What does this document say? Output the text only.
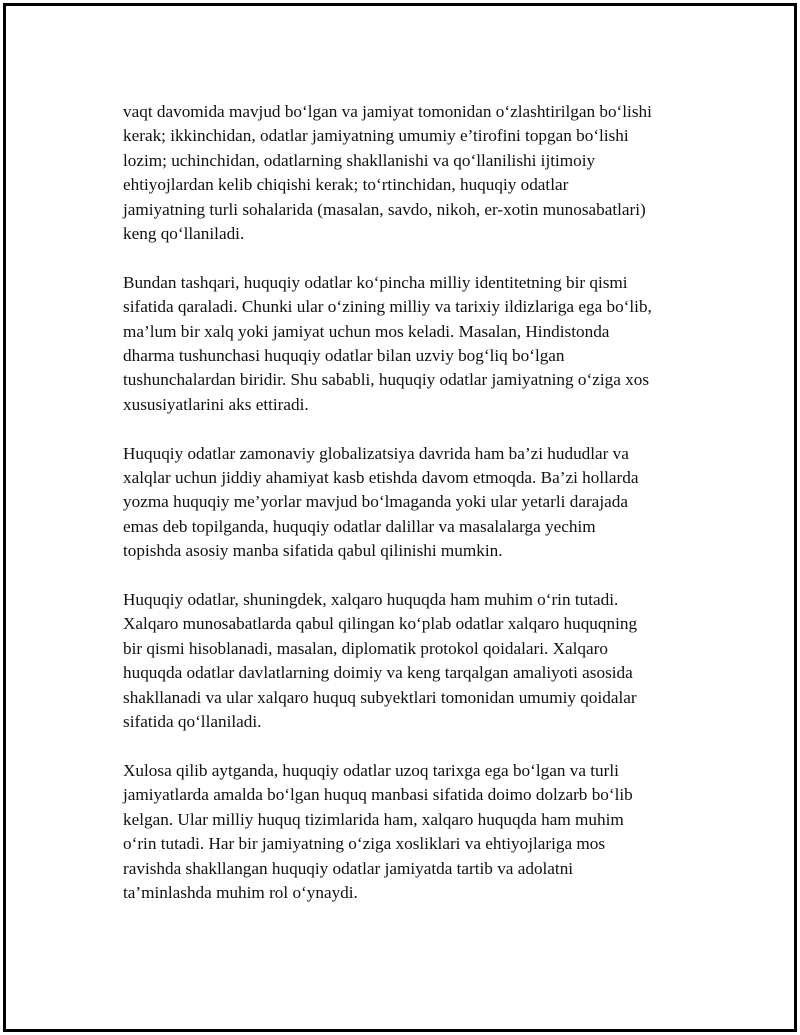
vaqt davomida mavjud bo‘lgan va jamiyat tomonidan o‘zlashtirilgan bo‘lishi
kerak; ikkinchidan, odatlar jamiyatning umumiy e’tirofini topgan bo‘lishi
lozim; uchinchidan, odatlarning shakllanishi va qo‘llanilishi ijtimoiy
ehtiyojlardan kelib chiqishi kerak; to‘rtinchidan, huquqiy odatlar
jamiyatning turli sohalarida (masalan, savdo, nikoh, er-xotin munosabatlari)
keng qo‘llaniladi.

Bundan tashqari, huquqiy odatlar ko‘pincha milliy identitetning bir qismi
sifatida qaraladi. Chunki ular o‘zining milliy va tarixiy ildizlariga ega bo‘lib,
ma’lum bir xalq yoki jamiyat uchun mos keladi. Masalan, Hindistonda
dharma tushunchasi huquqiy odatlar bilan uzviy bog‘liq bo‘lgan
tushunchalardan biridir. Shu sababli, huquqiy odatlar jamiyatning o‘ziga xos
xususiyatlarini aks ettiradi.

Huquqiy odatlar zamonaviy globalizatsiya davrida ham ba’zi hududlar va
xalqlar uchun jiddiy ahamiyat kasb etishda davom etmoqda. Ba’zi hollarda
yozma huquqiy me’yorlar mavjud bo‘lmaganda yoki ular yetarli darajada
emas deb topilganda, huquqiy odatlar dalillar va masalalarga yechim
topishda asosiy manba sifatida qabul qilinishi mumkin.

Huquqiy odatlar, shuningdek, xalqaro huquqda ham muhim o‘rin tutadi.
Xalqaro munosabatlarda qabul qilingan ko‘plab odatlar xalqaro huquqning
bir qismi hisoblanadi, masalan, diplomatik protokol qoidalari. Xalqaro
huquqda odatlar davlatlarning doimiy va keng tarqalgan amaliyoti asosida
shakllanadi va ular xalqaro huquq subyektlari tomonidan umumiy qoidalar
sifatida qo‘llaniladi.

Xulosa qilib aytganda, huquqiy odatlar uzoq tarixga ega bo‘lgan va turli
jamiyatlarda amalda bo‘lgan huquq manbasi sifatida doimo dolzarb bo‘lib
kelgan. Ular milliy huquq tizimlarida ham, xalqaro huquqda ham muhim
o‘rin tutadi. Har bir jamiyatning o‘ziga xosliklari va ehtiyojlariga mos
ravishda shakllangan huquqiy odatlar jamiyatda tartib va adolatni
ta’minlashda muhim rol o‘ynaydi.
